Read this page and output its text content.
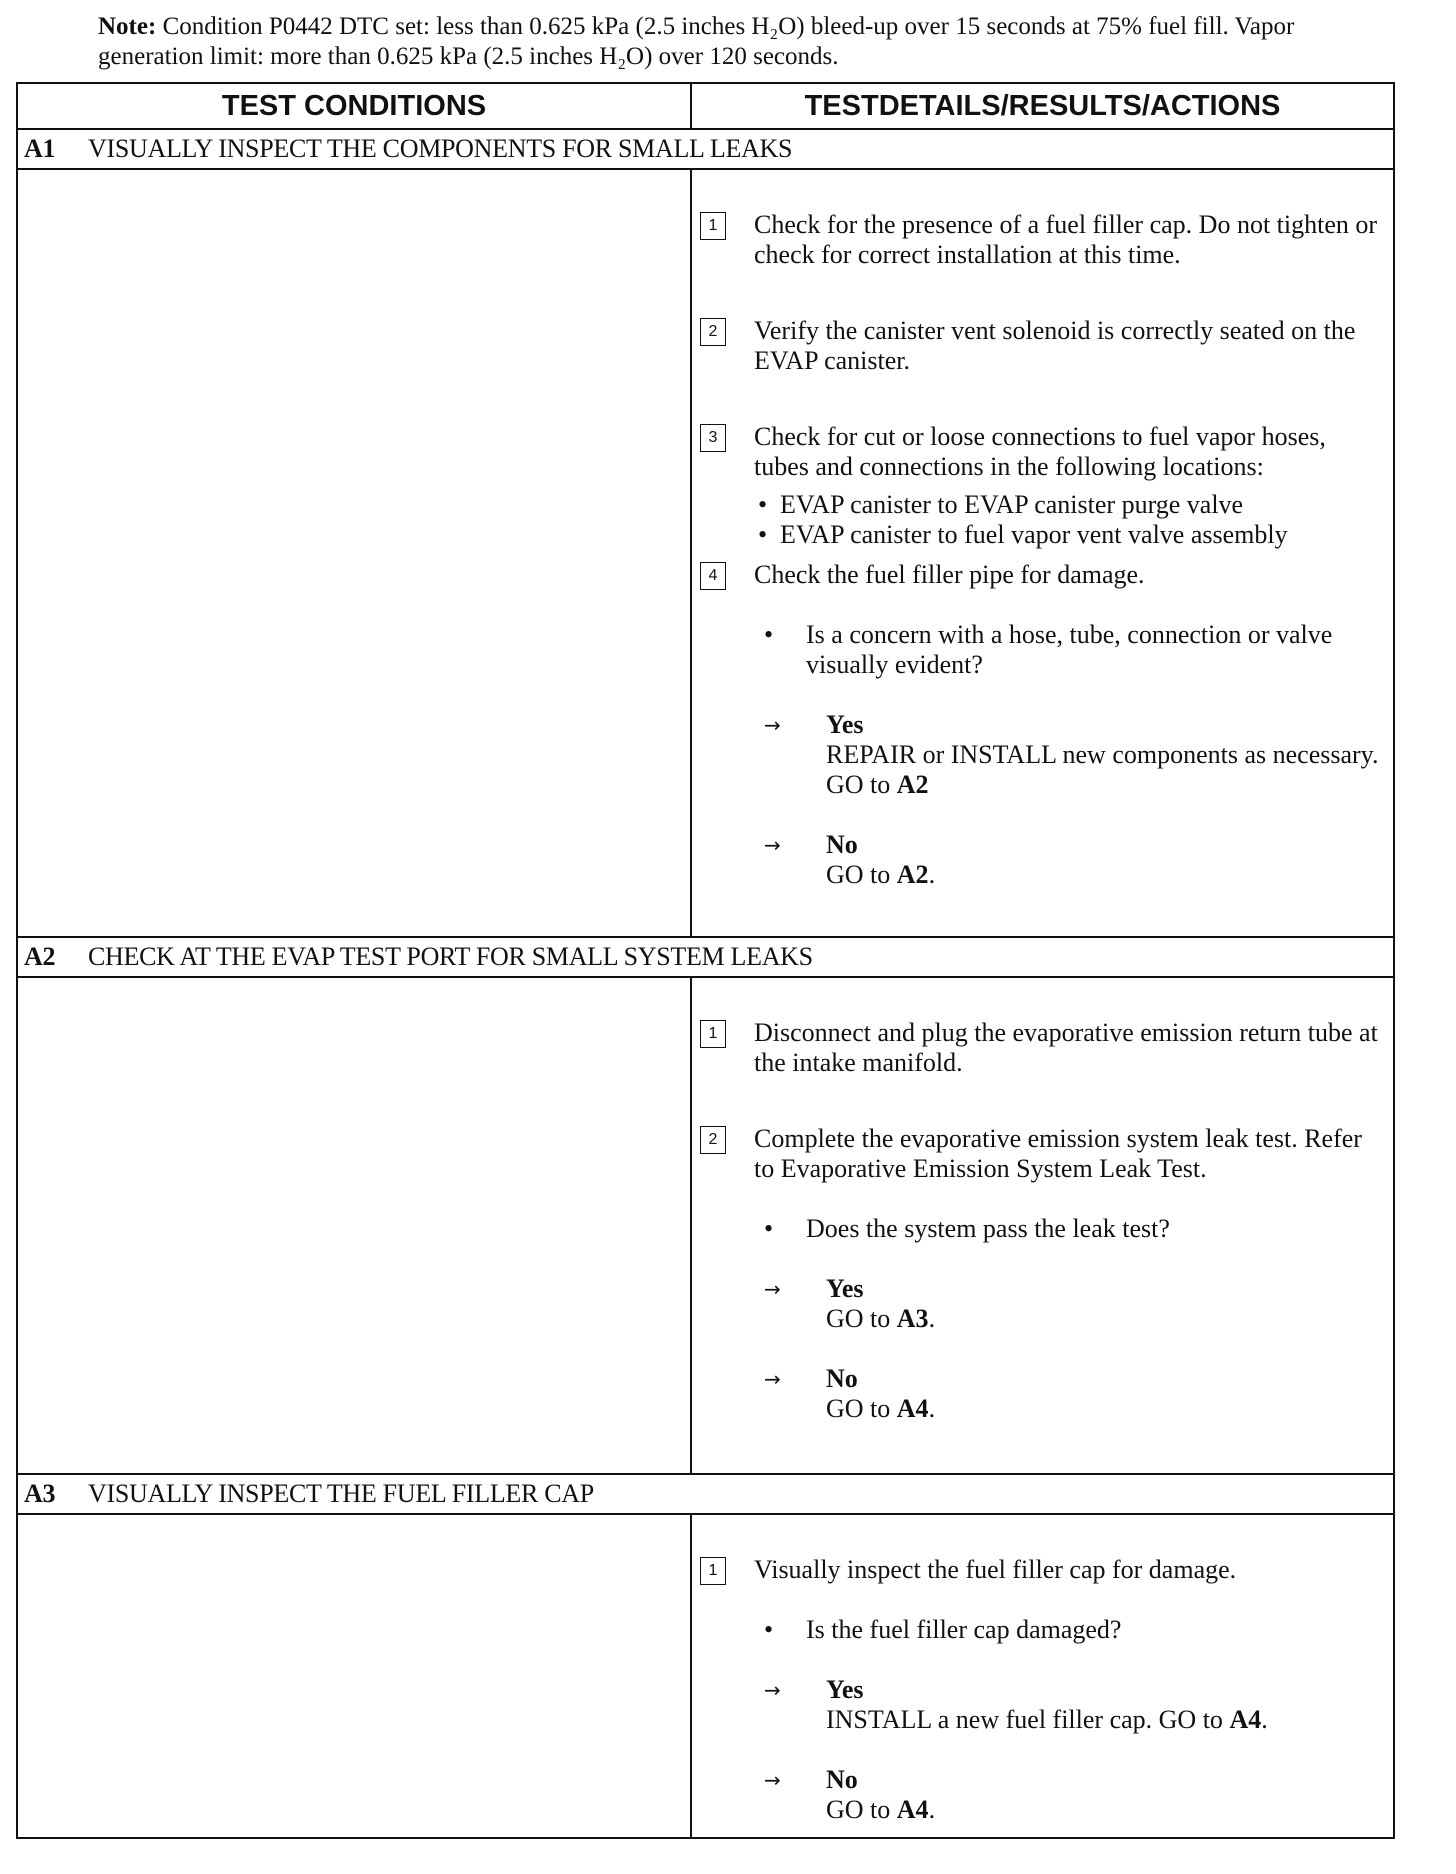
Note: Condition P0442 DTC set: less than 0.625 kPa (2.5 inches H₂O) bleed-up over 15 seconds at 75% fuel fill. Vapor generation limit: more than 0.625 kPa (2.5 inches H₂O) over 120 seconds.
TEST CONDITIONS	TESTDETAILS/RESULTS/ACTIONS
A1	VISUALLY INSPECT THE COMPONENTS FOR SMALL LEAKS
1	Check for the presence of a fuel filler cap. Do not tighten or check for correct installation at this time.
2	Verify the canister vent solenoid is correctly seated on the EVAP canister.
3	Check for cut or loose connections to fuel vapor hoses, tubes and connections in the following locations:
• EVAP canister to EVAP canister purge valve
• EVAP canister to fuel vapor vent valve assembly
4	Check the fuel filler pipe for damage.
•	Is a concern with a hose, tube, connection or valve visually evident?
→	Yes
REPAIR or INSTALL new components as necessary. GO to A2
→	No
GO to A2.
A2	CHECK AT THE EVAP TEST PORT FOR SMALL SYSTEM LEAKS
1	Disconnect and plug the evaporative emission return tube at the intake manifold.
2	Complete the evaporative emission system leak test. Refer to Evaporative Emission System Leak Test.
•	Does the system pass the leak test?
→	Yes
GO to A3.
→	No
GO to A4.
A3	VISUALLY INSPECT THE FUEL FILLER CAP
1	Visually inspect the fuel filler cap for damage.
•	Is the fuel filler cap damaged?
→	Yes
INSTALL a new fuel filler cap. GO to A4.
→	No
GO to A4.
